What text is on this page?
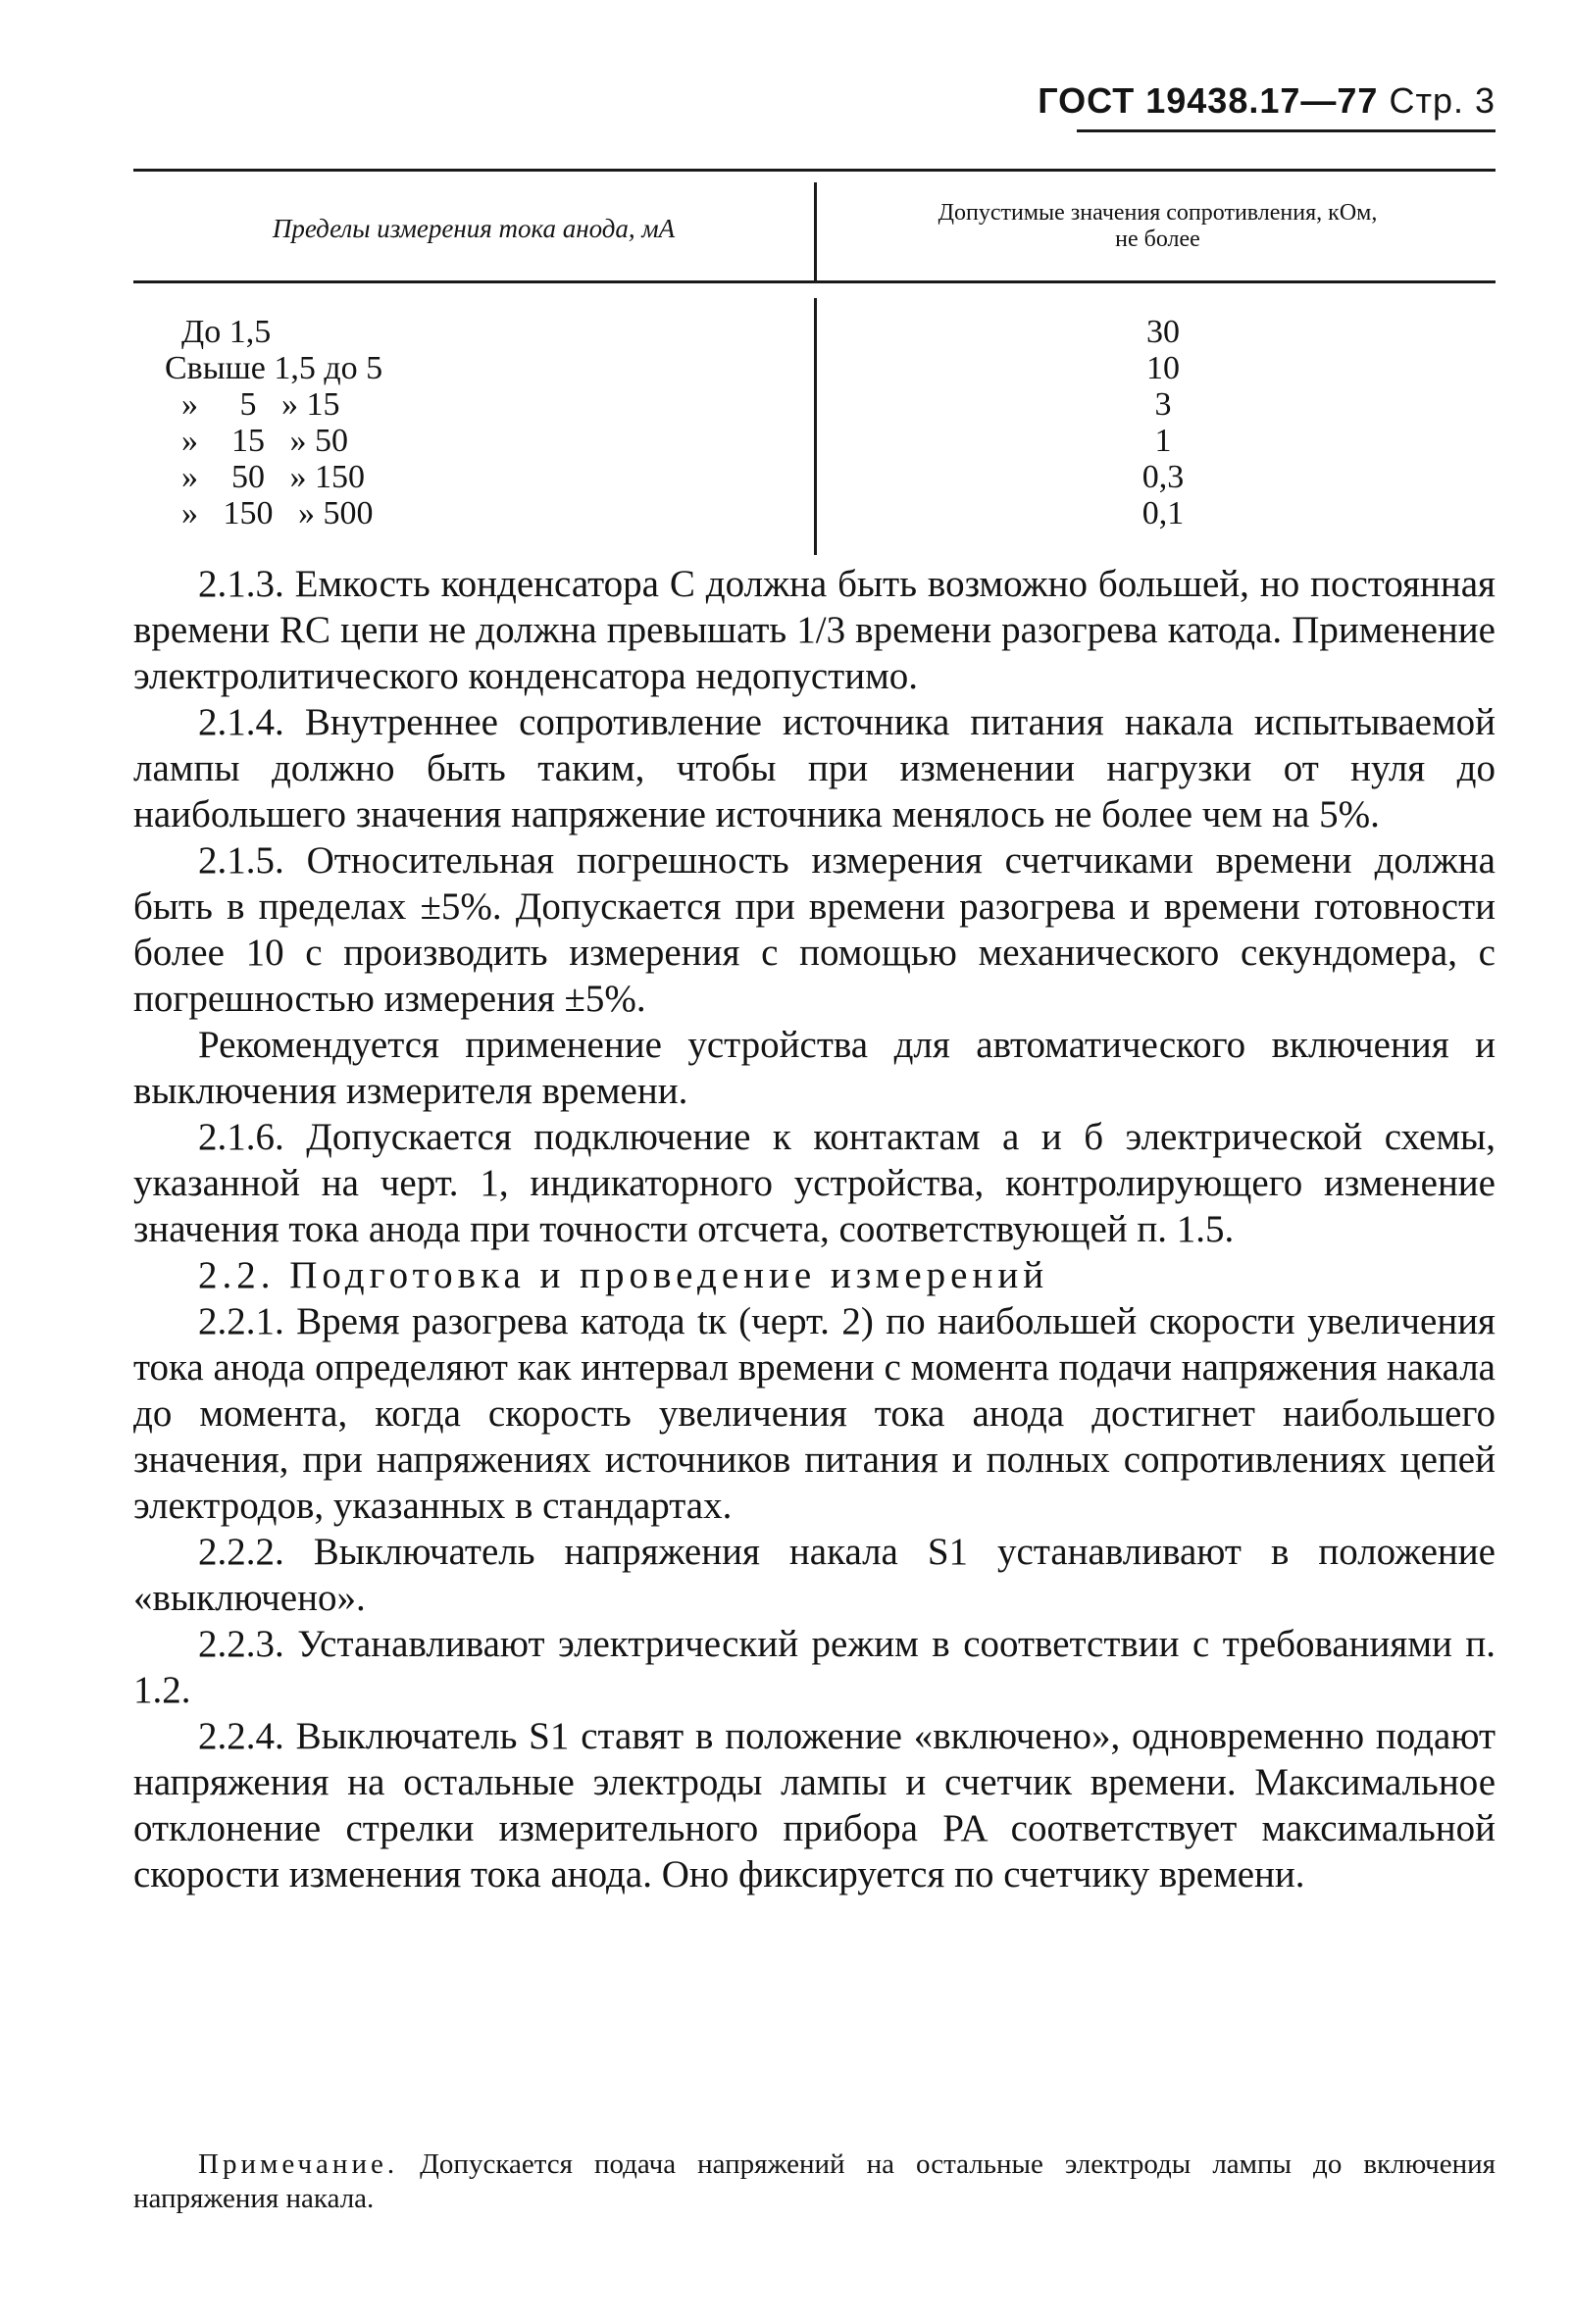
ГОСТ 19438.17—77 Стр. 3
Пределы измерения тока анода, мА
Допустимые значения сопротивления, кОм,
не более
До 1,5
Свыше 1,5 до 5
»     5   » 15
»    15   » 50
»    50   » 150
»   150   » 500
30
10
3
1
0,3
0,1

2.1.3. Емкость конденсатора C должна быть возможно большей, но постоянная времени RC цепи не должна превышать 1/3 времени разогрева катода. Применение электролитического конденсатора недопустимо.

2.1.4. Внутреннее сопротивление источника питания накала испытываемой лампы должно быть таким, чтобы при изменении нагрузки от нуля до наибольшего значения напряжение источника менялось не более чем на 5%.

2.1.5. Относительная погрешность измерения счетчиками времени должна быть в пределах ±5%. Допускается при времени разогрева и времени готовности более 10 с производить измерения с помощью механического секундомера, с погрешностью измерения ±5%.

Рекомендуется применение устройства для автоматического включения и выключения измерителя времени.

2.1.6. Допускается подключение к контактам а и б электрической схемы, указанной на черт. 1, индикаторного устройства, контролирующего изменение значения тока анода при точности отсчета, соответствующей п. 1.5.

2.2. Подготовка и проведение измерений

2.2.1. Время разогрева катода tк (черт. 2) по наибольшей скорости увеличения тока анода определяют как интервал времени с момента подачи напряжения накала до момента, когда скорость увеличения тока анода достигнет наибольшего значения, при напряжениях источников питания и полных сопротивлениях цепей электродов, указанных в стандартах.

2.2.2. Выключатель напряжения накала S1 устанавливают в положение «выключено».

2.2.3. Устанавливают электрический режим в соответствии с требованиями п. 1.2.

2.2.4. Выключатель S1 ставят в положение «включено», одновременно подают напряжения на остальные электроды лампы и счетчик времени. Максимальное отклонение стрелки измерительного прибора PA соответствует максимальной скорости изменения тока анода. Оно фиксируется по счетчику времени.

Примечание. Допускается подача напряжений на остальные электроды лампы до включения напряжения накала.
